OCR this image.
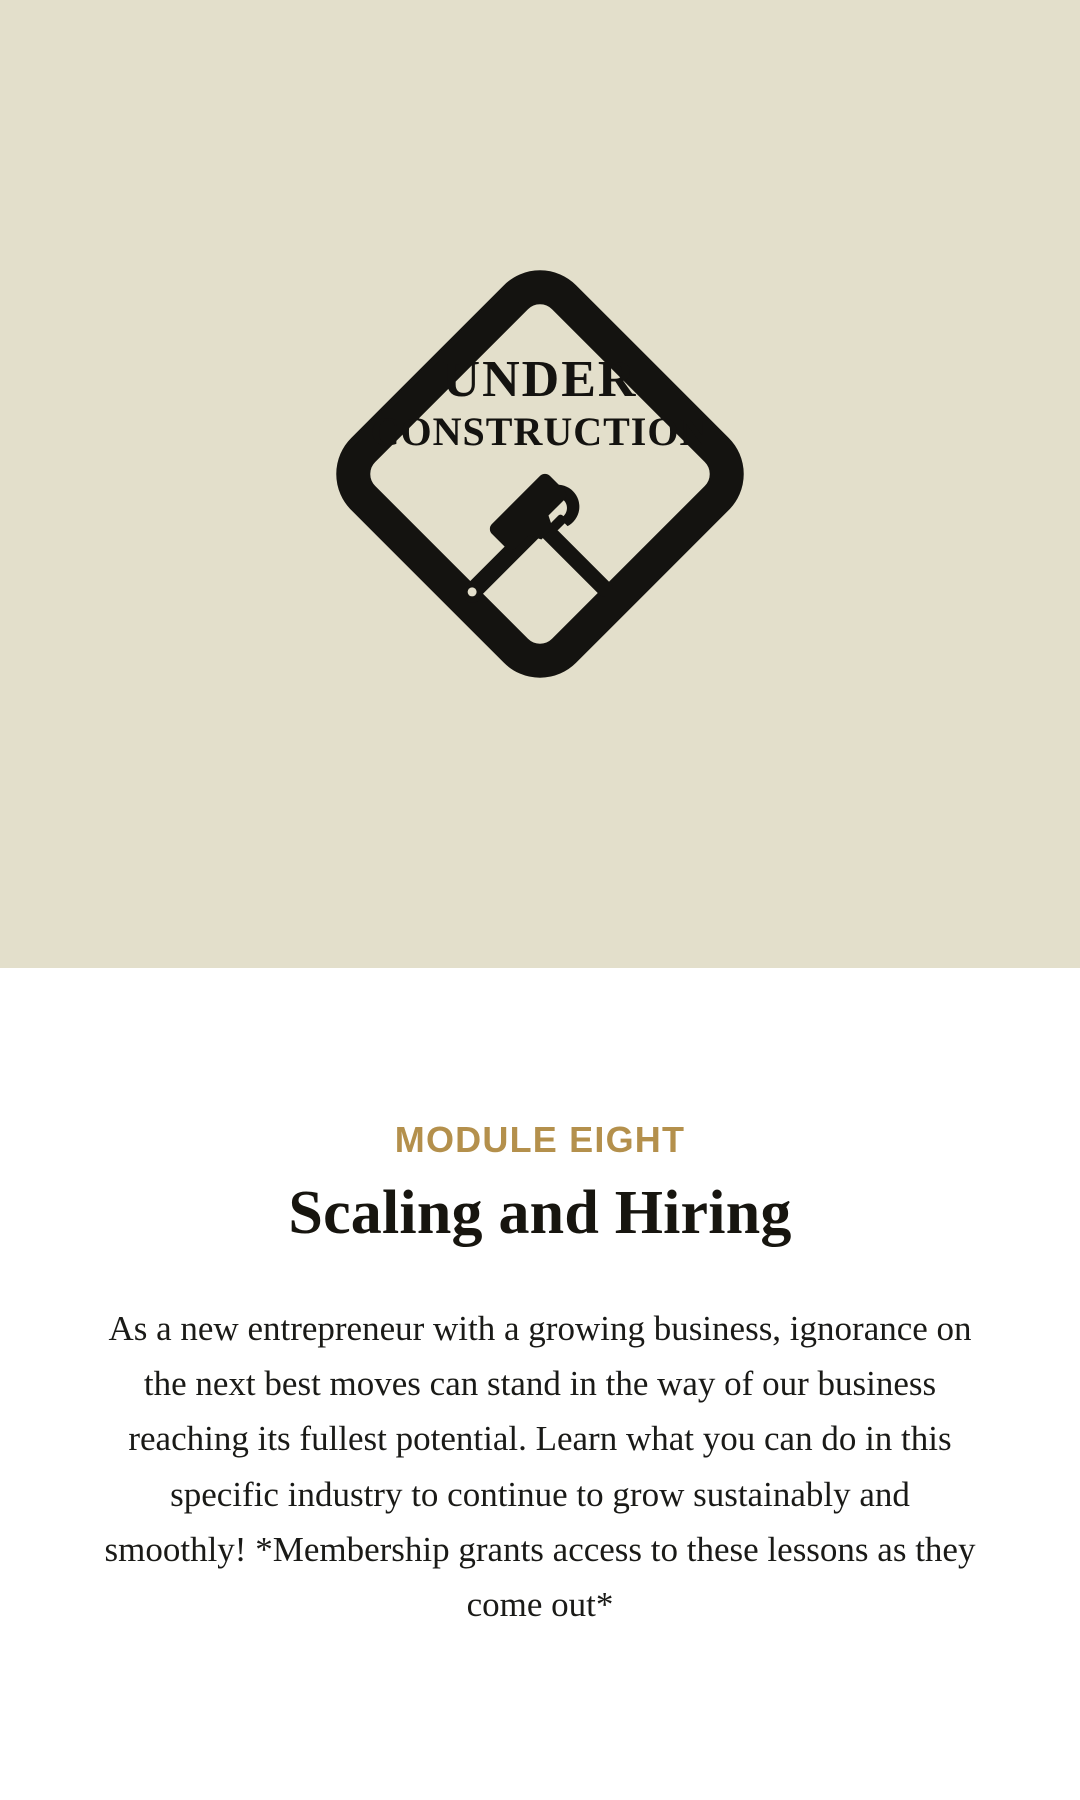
UNDER
CONSTRUCTION
MODULE EIGHT
Scaling and Hiring

As a new entrepreneur with a growing business, ignorance on the next best moves can stand in the way of our business reaching its fullest potential. Learn what you can do in this specific industry to continue to grow sustainably and smoothly! *Membership grants access to these lessons as they come out*
